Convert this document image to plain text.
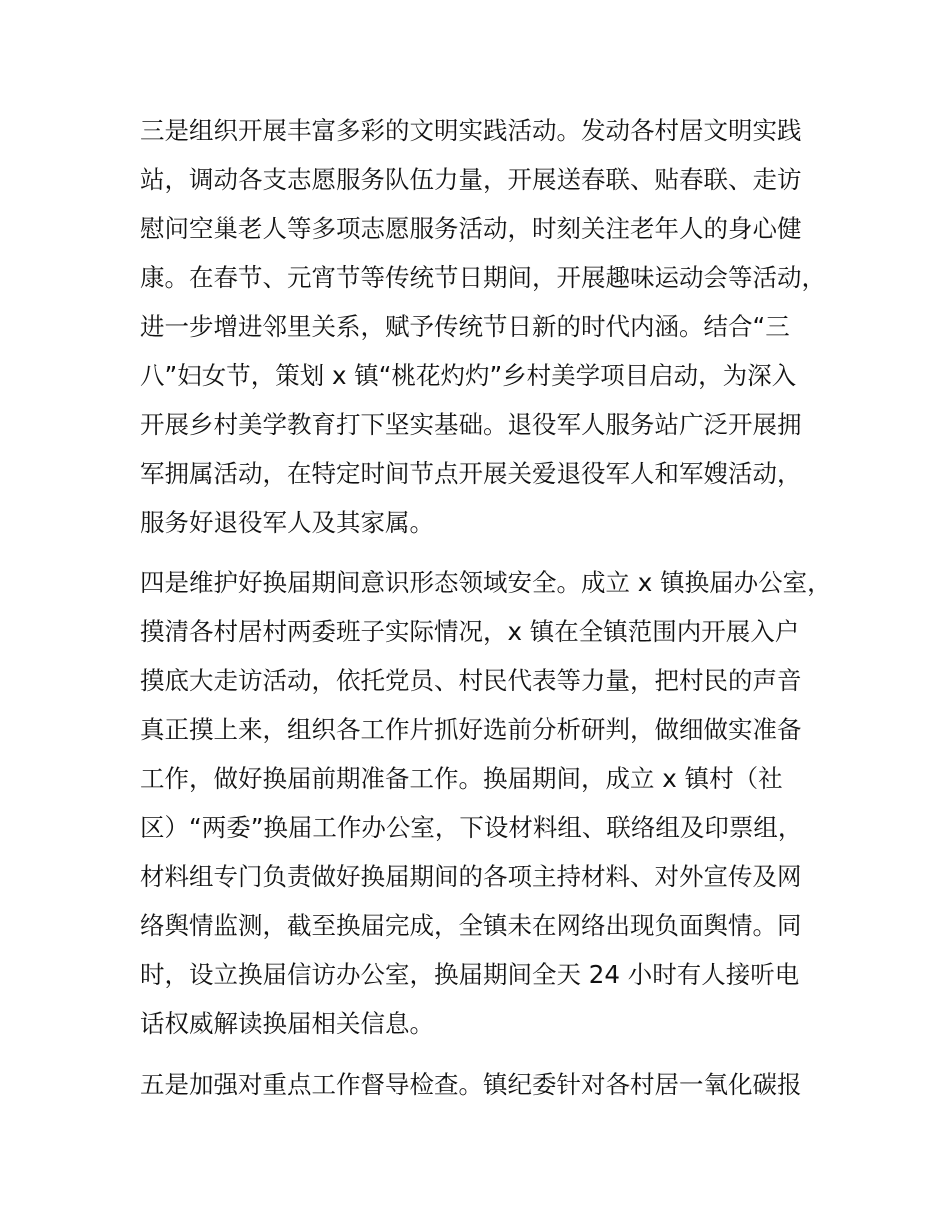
三是组织开展丰富多彩的文明实践活动。发动各村居文明实践
站，调动各支志愿服务队伍力量，开展送春联、贴春联、走访
慰问空巢老人等多项志愿服务活动，时刻关注老年人的身心健
康。在春节、元宵节等传统节日期间，开展趣味运动会等活动，
进一步增进邻里关系，赋予传统节日新的时代内涵。结合“三
八”妇女节，策划 x 镇“桃花灼灼”乡村美学项目启动，为深入
开展乡村美学教育打下坚实基础。退役军人服务站广泛开展拥
军拥属活动，在特定时间节点开展关爱退役军人和军嫂活动，
服务好退役军人及其家属。
四是维护好换届期间意识形态领域安全。成立 x 镇换届办公室，
摸清各村居村两委班子实际情况，x 镇在全镇范围内开展入户
摸底大走访活动，依托党员、村民代表等力量，把村民的声音
真正摸上来，组织各工作片抓好选前分析研判，做细做实准备
工作，做好换届前期准备工作。换届期间，成立 x 镇村（社
区）“两委”换届工作办公室，下设材料组、联络组及印票组，
材料组专门负责做好换届期间的各项主持材料、对外宣传及网
络舆情监测，截至换届完成，全镇未在网络出现负面舆情。同
时，设立换届信访办公室，换届期间全天 24 小时有人接听电
话权威解读换届相关信息。
五是加强对重点工作督导检查。镇纪委针对各村居一氧化碳报
